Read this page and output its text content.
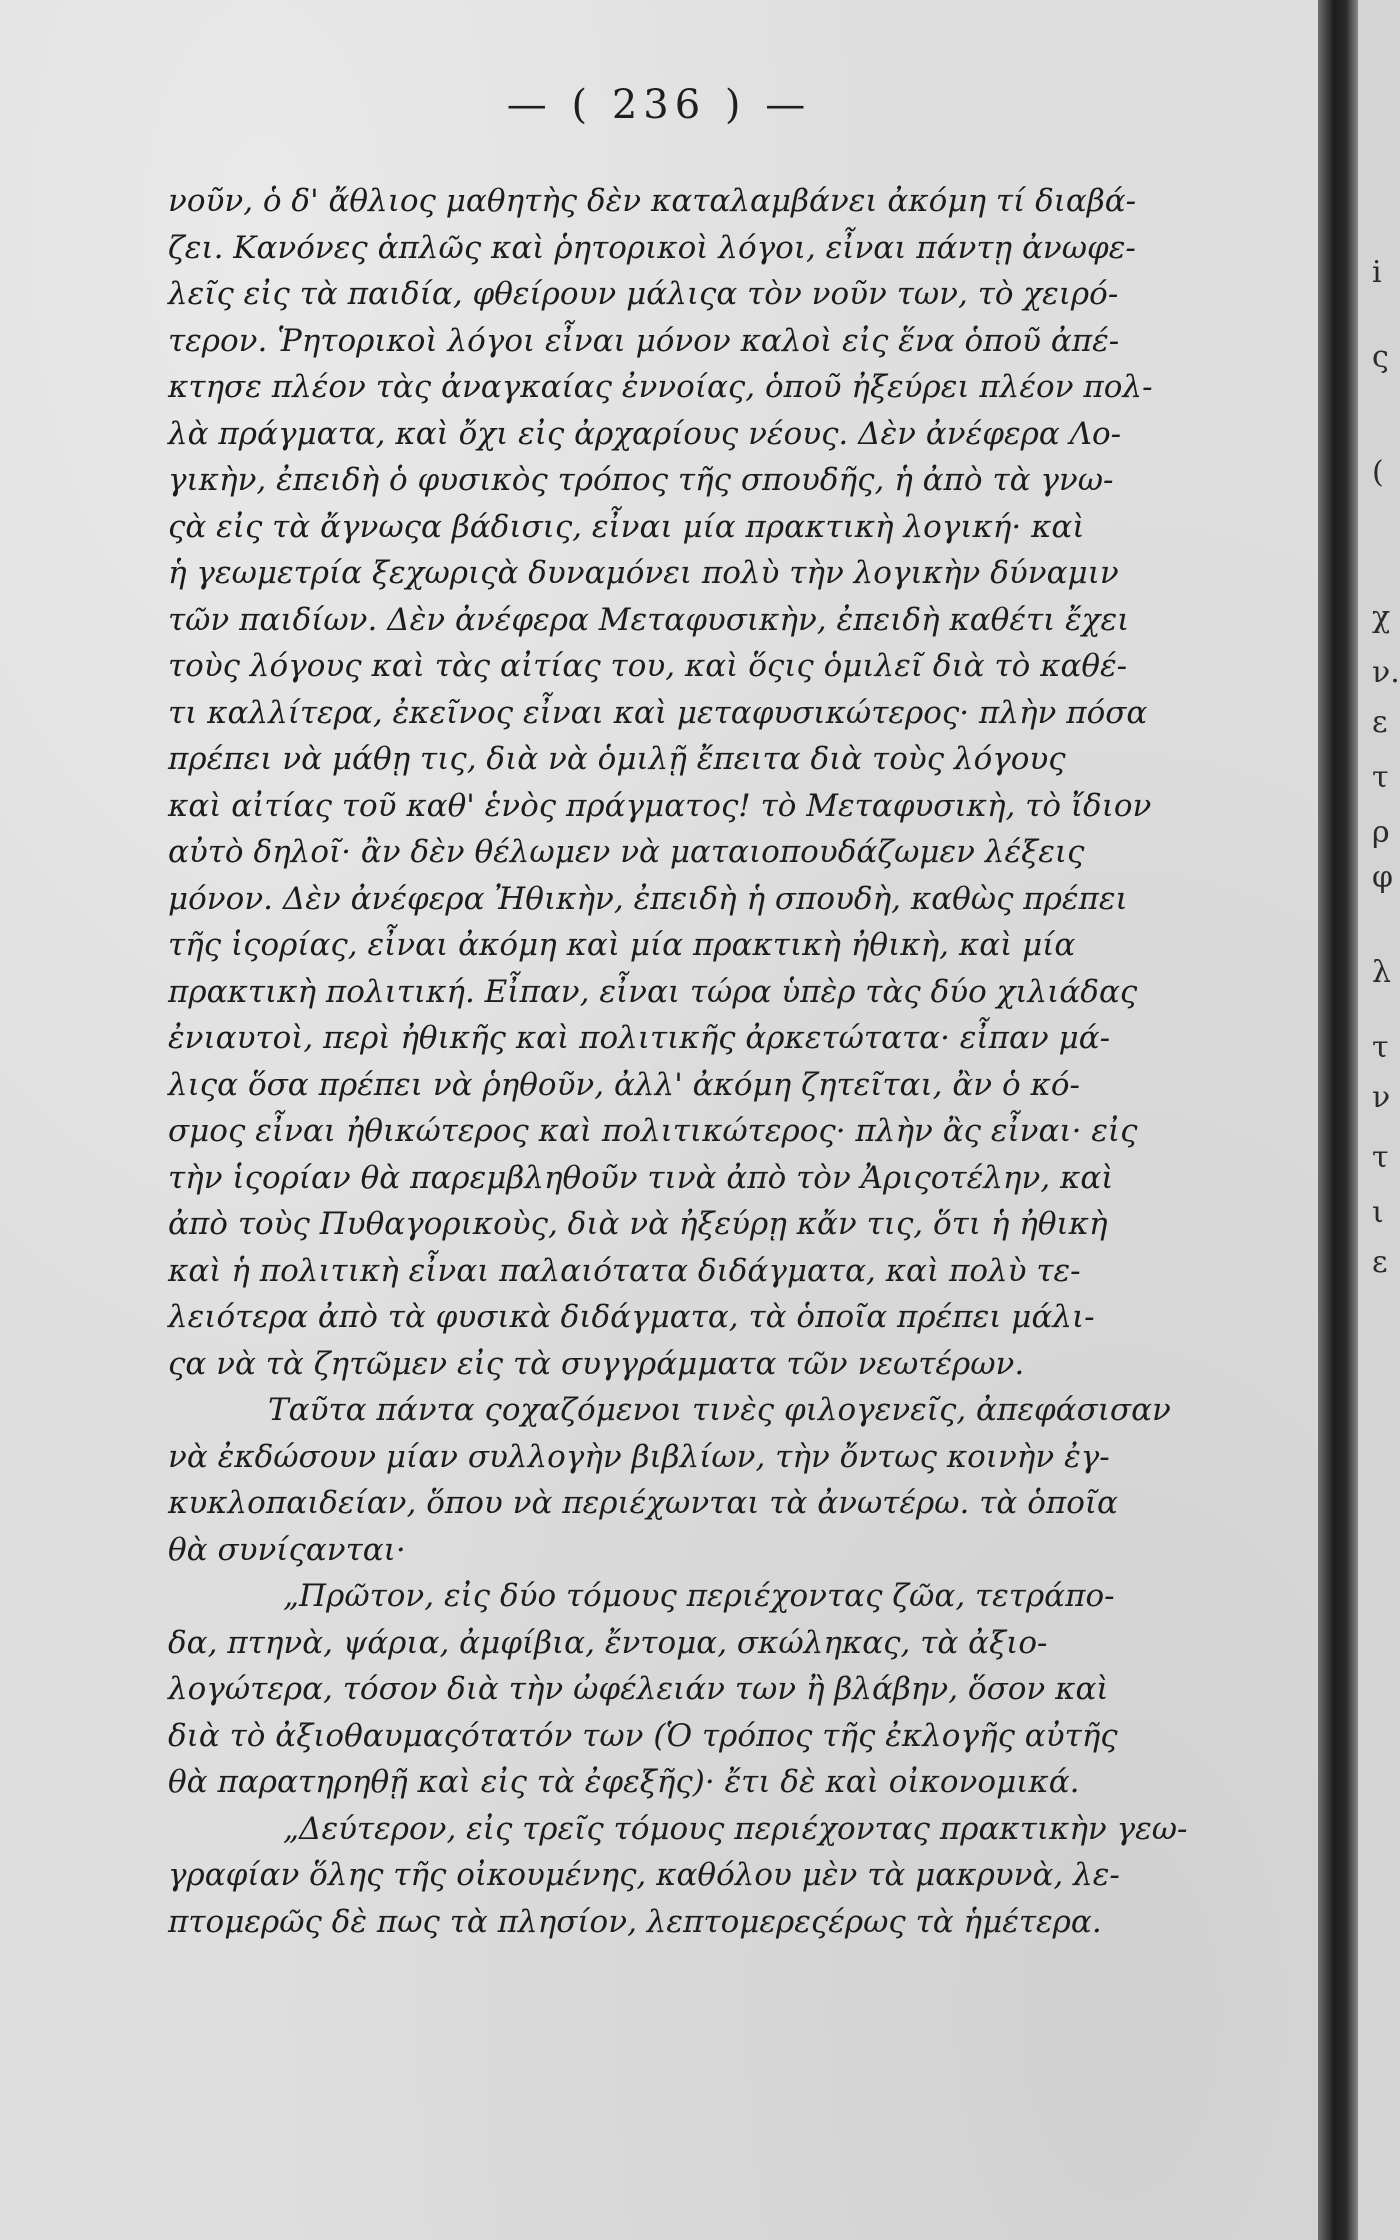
— ( 236 ) —
νοῦν, ὁ δ' ἄθλιος μαθητὴς δὲν καταλαμβάνει ἀκόμη τί διαβά-
ζει. Κανόνες ἁπλῶς καὶ ῥητορικοὶ λόγοι, εἶναι πάντῃ ἀνωφε-
λεῖς εἰς τὰ παιδία, φθείρουν μάλιςα τὸν νοῦν των, τὸ χειρό-
τερον. Ῥητορικοὶ λόγοι εἶναι μόνον καλοὶ εἰς ἕνα ὁποῦ ἀπέ-
κτησε πλέον τὰς ἀναγκαίας ἐννοίας, ὁποῦ ἠξεύρει πλέον πολ-
λὰ πράγματα, καὶ ὄχι εἰς ἀρχαρίους νέους. Δὲν ἀνέφερα Λο-
γικὴν, ἐπειδὴ ὁ φυσικὸς τρόπος τῆς σπουδῆς, ἡ ἀπὸ τὰ γνω-
ςὰ εἰς τὰ ἄγνωςα βάδισις, εἶναι μία πρακτικὴ λογική· καὶ
ἡ γεωμετρία ξεχωριςὰ δυναμόνει πολὺ τὴν λογικὴν δύναμιν
τῶν παιδίων. Δὲν ἀνέφερα Μεταφυσικὴν, ἐπειδὴ καθέτι ἔχει
τοὺς λόγους καὶ τὰς αἰτίας του, καὶ ὅςις ὁμιλεῖ διὰ τὸ καθέ-
τι καλλίτερα, ἐκεῖνος εἶναι καὶ μεταφυσικώτερος· πλὴν πόσα
πρέπει νὰ μάθῃ τις, διὰ νὰ ὁμιλῇ ἔπειτα διὰ τοὺς λόγους
καὶ αἰτίας τοῦ καθ' ἑνὸς πράγματος! τὸ Μεταφυσικὴ, τὸ ἴδιον
αὐτὸ δηλοῖ· ἂν δὲν θέλωμεν νὰ ματαιοπουδάζωμεν λέξεις
μόνον. Δὲν ἀνέφερα Ἠθικὴν, ἐπειδὴ ἡ σπουδὴ, καθὼς πρέπει
τῆς ἱςορίας, εἶναι ἀκόμη καὶ μία πρακτικὴ ἠθικὴ, καὶ μία
πρακτικὴ πολιτική. Εἶπαν, εἶναι τώρα ὑπὲρ τὰς δύο χιλιάδας
ἐνιαυτοὶ, περὶ ἠθικῆς καὶ πολιτικῆς ἀρκετώτατα· εἶπαν μά-
λιςα ὅσα πρέπει νὰ ῥηθοῦν, ἀλλ' ἀκόμη ζητεῖται, ἂν ὁ κό-
σμος εἶναι ἠθικώτερος καὶ πολιτικώτερος· πλὴν ἂς εἶναι· εἰς
τὴν ἱςορίαν θὰ παρεμβληθοῦν τινὰ ἀπὸ τὸν Ἀριςοτέλην, καὶ
ἀπὸ τοὺς Πυθαγορικοὺς, διὰ νὰ ἠξεύρῃ κἄν τις, ὅτι ἡ ἠθικὴ
καὶ ἡ πολιτικὴ εἶναι παλαιότατα διδάγματα, καὶ πολὺ τε-
λειότερα ἀπὸ τὰ φυσικὰ διδάγματα, τὰ ὁποῖα πρέπει μάλι-
ςα νὰ τὰ ζητῶμεν εἰς τὰ συγγράμματα τῶν νεωτέρων.
Ταῦτα πάντα ςοχαζόμενοι τινὲς φιλογενεῖς, ἀπεφάσισαν
νὰ ἐκδώσουν μίαν συλλογὴν βιβλίων, τὴν ὄντως κοινὴν ἐγ-
κυκλοπαιδείαν, ὅπου νὰ περιέχωνται τὰ ἀνωτέρω. τὰ ὁποῖα
θὰ συνίςανται·
„Πρῶτον, εἰς δύο τόμους περιέχοντας ζῶα, τετράπο-
δα, πτηνὰ, ψάρια, ἀμφίβια, ἔντομα, σκώληκας, τὰ ἀξιο-
λογώτερα, τόσον διὰ τὴν ὠφέλειάν των ἢ βλάβην, ὅσον καὶ
διὰ τὸ ἀξιοθαυμαςότατόν των (Ὁ τρόπος τῆς ἐκλογῆς αὐτῆς
θὰ παρατηρηθῇ καὶ εἰς τὰ ἐφεξῆς)· ἔτι δὲ καὶ οἰκονομικά.
„Δεύτερον, εἰς τρεῖς τόμους περιέχοντας πρακτικὴν γεω-
γραφίαν ὅλης τῆς οἰκουμένης, καθόλου μὲν τὰ μακρυνὰ, λε-
πτομερῶς δὲ πως τὰ πλησίον, λεπτομερεςέρως τὰ ἡμέτερα.
i
ς
(
χ
ν.
ε
τ
ρ
φ
λ
τ
ν
τ
ι
ε
